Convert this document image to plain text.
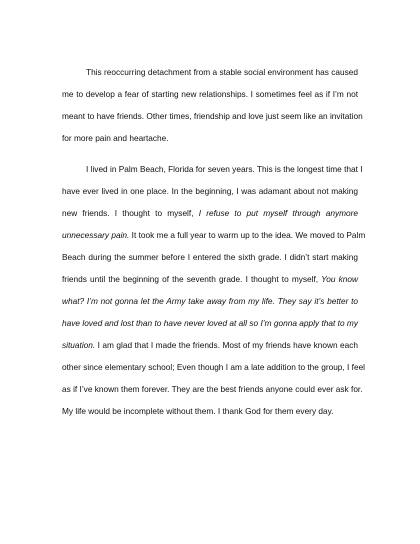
This reoccurring detachment from a stable social environment has caused
me to develop a fear of starting new relationships. I sometimes feel as if I’m not
meant to have friends. Other times, friendship and love just seem like an invitation
for more pain and heartache.
I lived in Palm Beach, Florida for seven years. This is the longest time that I
have ever lived in one place. In the beginning, I was adamant about not making
new friends. I thought to myself, I refuse to put myself through anymore
unnecessary pain. It took me a full year to warm up to the idea. We moved to Palm
Beach during the summer before I entered the sixth grade. I didn’t start making
friends until the beginning of the seventh grade. I thought to myself, You know
what? I’m not gonna let the Army take away from my life. They say it’s better to
have loved and lost than to have never loved at all so I’m gonna apply that to my
situation. I am glad that I made the friends. Most of my friends have known each
other since elementary school; Even though I am a late addition to the group, I feel
as if I’ve known them forever. They are the best friends anyone could ever ask for.
My life would be incomplete without them. I thank God for them every day.
